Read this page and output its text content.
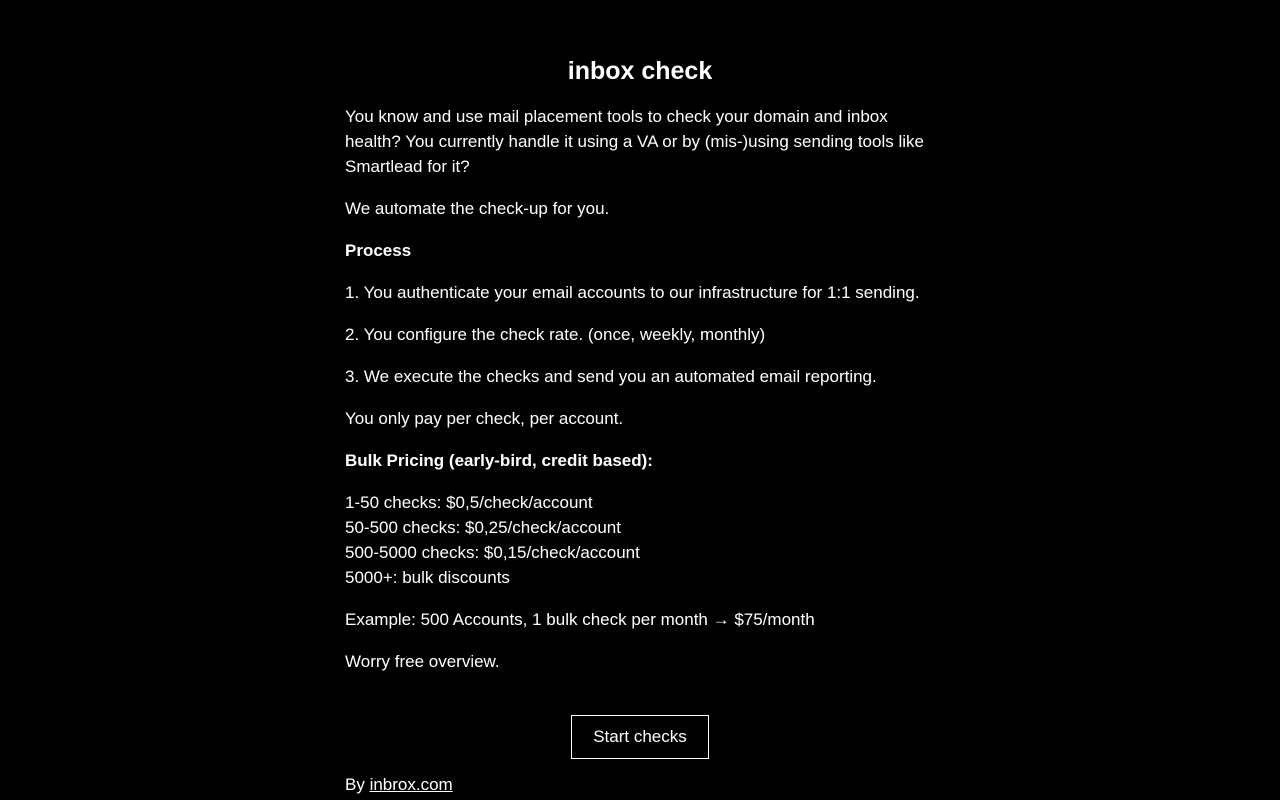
inbox check

You know and use mail placement tools to check your domain and inbox health? You currently handle it using a VA or by (mis-)using sending tools like Smartlead for it?

We automate the check-up for you.

Process

1. You authenticate your email accounts to our infrastructure for 1:1 sending.

2. You configure the check rate. (once, weekly, monthly)

3. We execute the checks and send you an automated email reporting.

You only pay per check, per account.

Bulk Pricing (early-bird, credit based):

1-50 checks: $0,5/check/account
50-500 checks: $0,25/check/account
500-5000 checks: $0,15/check/account
5000+: bulk discounts

Example: 500 Accounts, 1 bulk check per month → $75/month

Worry free overview.

Start checks
By inbrox.com
